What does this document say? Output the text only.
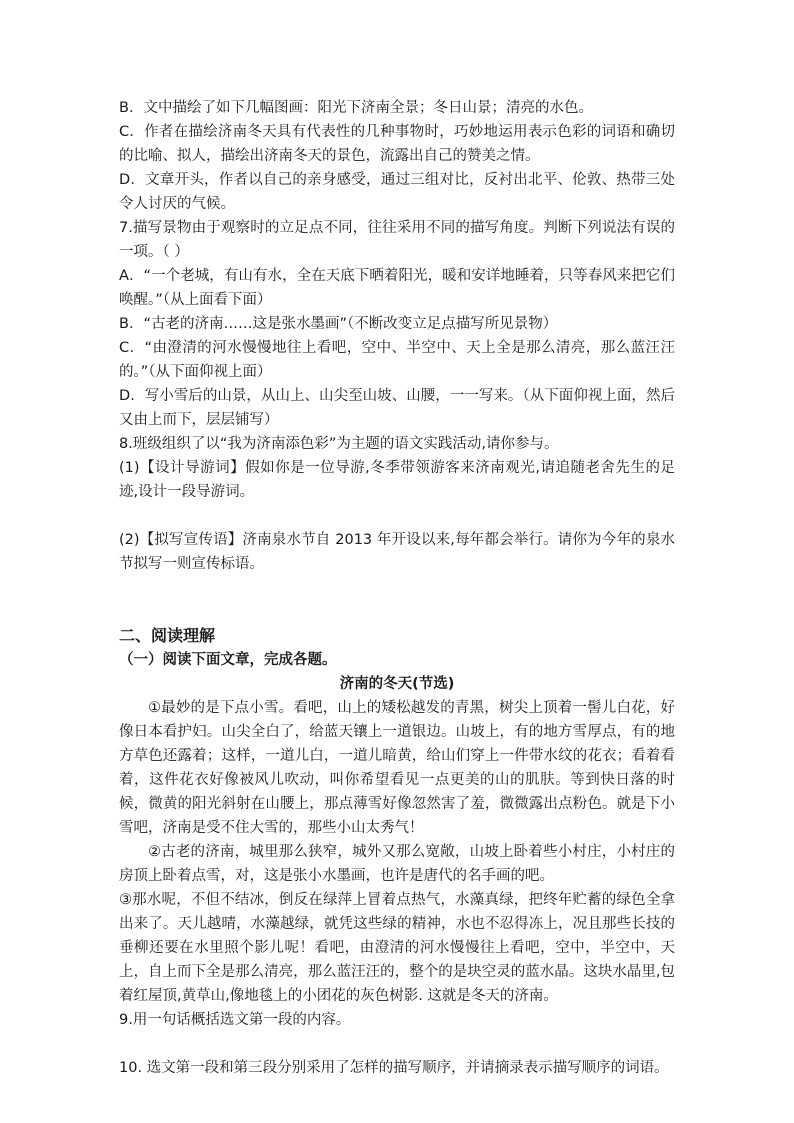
B．文中描绘了如下几幅图画：阳光下济南全景；冬日山景；清亮的水色。

C．作者在描绘济南冬天具有代表性的几种事物时，巧妙地运用表示色彩的词语和确切的比喻、拟人，描绘出济南冬天的景色，流露出自己的赞美之情。

D．文章开头，作者以自己的亲身感受，通过三组对比，反衬出北平、伦敦、热带三处令人讨厌的气候。

7.描写景物由于观察时的立足点不同，往往采用不同的描写角度。判断下列说法有误的一项。（ ）

A．“一个老城，有山有水，全在天底下晒着阳光，暖和安详地睡着，只等春风来把它们唤醒。”（从上面看下面）

B．“古老的济南……这是张水墨画”（不断改变立足点描写所见景物）

C．“由澄清的河水慢慢地往上看吧，空中、半空中、天上全是那么清亮，那么蓝汪汪的。”（从下面仰视上面）

D．写小雪后的山景，从山上、山尖至山坡、山腰，一一写来。（从下面仰视上面，然后又由上而下，层层铺写）

8.班级组织了以“我为济南添色彩”为主题的语文实践活动,请你参与。

(1)【设计导游词】假如你是一位导游,冬季带领游客来济南观光,请追随老舍先生的足迹,设计一段导游词。

(2)【拟写宣传语】济南泉水节自 2013 年开设以来,每年都会举行。请你为今年的泉水节拟写一则宣传标语。

二、阅读理解

（一）阅读下面文章，完成各题。

济南的冬天(节选)

①最妙的是下点小雪。看吧，山上的矮松越发的青黑，树尖上顶着一髻儿白花，好像日本看护妇。山尖全白了，给蓝天镶上一道银边。山坡上，有的地方雪厚点，有的地方草色还露着；这样，一道儿白，一道儿暗黄，给山们穿上一件带水纹的花衣；看着看着，这件花衣好像被风儿吹动，叫你希望看见一点更美的山的肌肤。等到快日落的时候，微黄的阳光斜射在山腰上，那点薄雪好像忽然害了羞，微微露出点粉色。就是下小雪吧，济南是受不住大雪的，那些小山太秀气！

②古老的济南，城里那么狭窄，城外又那么宽敞，山坡上卧着些小村庄，小村庄的房顶上卧着点雪，对，这是张小水墨画，也许是唐代的名手画的吧。

③那水呢，不但不结冰，倒反在绿萍上冒着点热气，水藻真绿，把终年贮蓄的绿色全拿出来了。天儿越晴，水藻越绿，就凭这些绿的精神，水也不忍得冻上，况且那些长技的垂柳还要在水里照个影儿呢！看吧，由澄清的河水慢慢往上看吧，空中，半空中，天上，自上而下全是那么清亮，那么蓝汪汪的，整个的是块空灵的蓝水晶。这块水晶里,包着红屋顶,黄草山,像地毯上的小团花的灰色树影. 这就是冬天的济南。

9.用一句话概括选文第一段的内容。

10. 选文第一段和第三段分别采用了怎样的描写顺序，并请摘录表示描写顺序的词语。
